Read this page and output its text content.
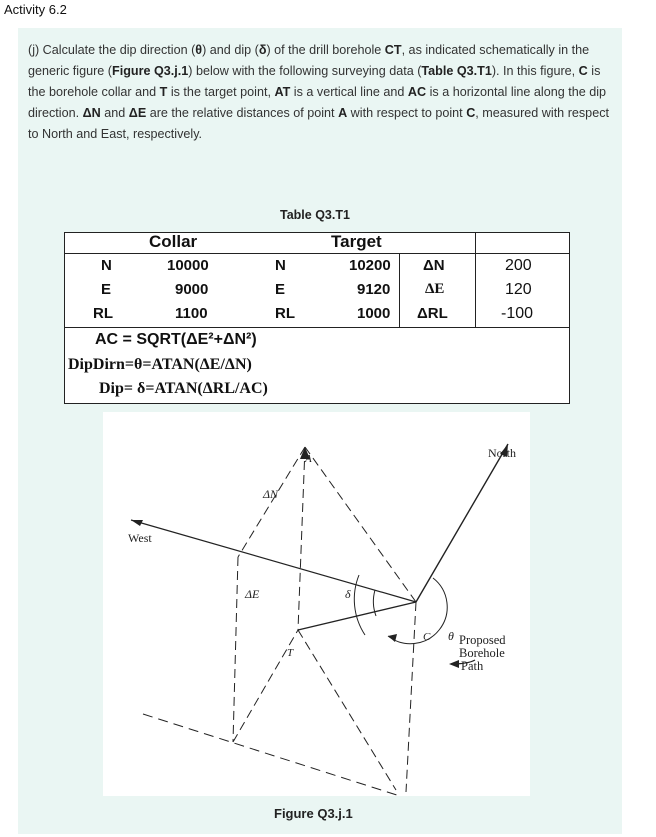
Activity 6.2
(j) Calculate the dip direction (θ) and dip (δ) of the drill borehole CT, as indicated schematically in the generic figure (Figure Q3.j.1) below with the following surveying data (Table Q3.T1). In this figure, C is the borehole collar and T is the target point, AT is a vertical line and AC is a horizontal line along the dip direction. ΔN and ΔE are the relative distances of point A with respect to point C, measured with respect to North and East, respectively.
Table Q3.T1
Collar	Target
N	10000	N	10200 ΔN	200
E	9000	E	9120 ΔE	120
RL	1100	RL	1000 ΔRL	-100
AC = SQRT(ΔE²+ΔN²)
DipDirn=θ=ATAN(ΔE/ΔN)
Dip= δ=ATAN(ΔRL/AC)
North
West
ΔN
ΔE
A
T
C
δ
θ Proposed
Borehole
Path
Figure Q3.j.1
